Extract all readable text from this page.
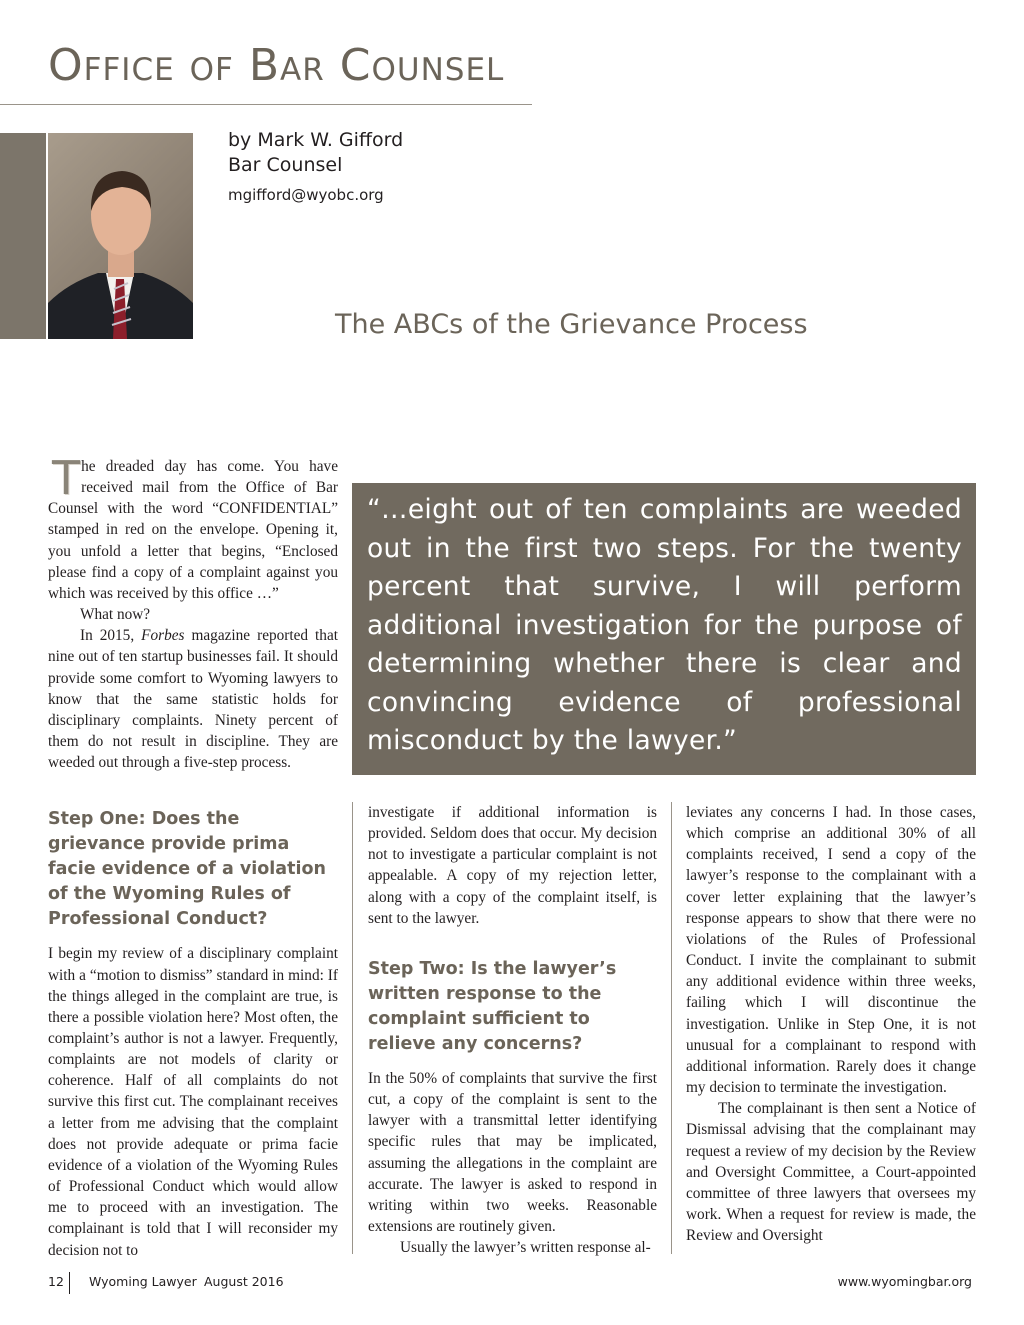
Office of Bar Counsel
by Mark W. Gifford
Bar Counsel
mgifford@wyobc.org
The ABCs of the Grievance Process

The dreaded day has come. You have received mail from the Office of Bar Counsel with the word “CONFIDENTIAL” stamped in red on the envelope. Opening it, you unfold a letter that begins, “Enclosed please find a copy of a complaint against you which was received by this office …”

What now?

In 2015, Forbes magazine reported that nine out of ten startup businesses fail. It should provide some comfort to Wyoming lawyers to know that the same statistic holds for disciplinary complaints. Ninety percent of them do not result in discipline. They are weeded out through a five-step process.

Step One: Does the grievance provide prima facie evidence of a violation of the Wyoming Rules of Professional Conduct?

I begin my review of a disciplinary complaint with a “motion to dismiss” standard in mind: If the things alleged in the complaint are true, is there a possible violation here? Most often, the complaint’s author is not a lawyer. Frequently, complaints are not models of clarity or coherence. Half of all complaints do not survive this first cut. The complainant receives a letter from me advising that the complaint does not provide adequate or prima facie evidence of a violation of the Wyoming Rules of Professional Conduct which would allow me to proceed with an investigation. The complainant is told that I will reconsider my decision not to

“…eight out of ten complaints are weeded out in the first two steps. For the twenty percent that survive, I will perform additional investigation for the purpose of determining whether there is clear and convincing evidence of professional misconduct by the lawyer.”

investigate if additional information is provided. Seldom does that occur. My decision not to investigate a particular complaint is not appealable. A copy of my rejection letter, along with a copy of the complaint itself, is sent to the lawyer.

Step Two: Is the lawyer’s written response to the complaint sufficient to relieve any concerns?

In the 50% of complaints that survive the first cut, a copy of the complaint is sent to the lawyer with a transmittal letter identifying specific rules that may be implicated, assuming the allegations in the complaint are accurate. The lawyer is asked to respond in writing within two weeks. Reasonable extensions are routinely given.

Usually the lawyer’s written response al-

leviates any concerns I had. In those cases, which comprise an additional 30% of all complaints received, I send a copy of the lawyer’s response to the complainant with a cover letter explaining that the lawyer’s response appears to show that there were no violations of the Rules of Professional Conduct. I invite the complainant to submit any additional evidence within three weeks, failing which I will discontinue the investigation. Unlike in Step One, it is not unusual for a complainant to respond with additional information. Rarely does it change my decision to terminate the investigation.

The complainant is then sent a Notice of Dismissal advising that the complainant may request a review of my decision by the Review and Oversight Committee, a Court-appointed committee of three lawyers that oversees my work. When a request for review is made, the Review and Oversight

12 Wyoming Lawyer August 2016	www.wyomingbar.org
